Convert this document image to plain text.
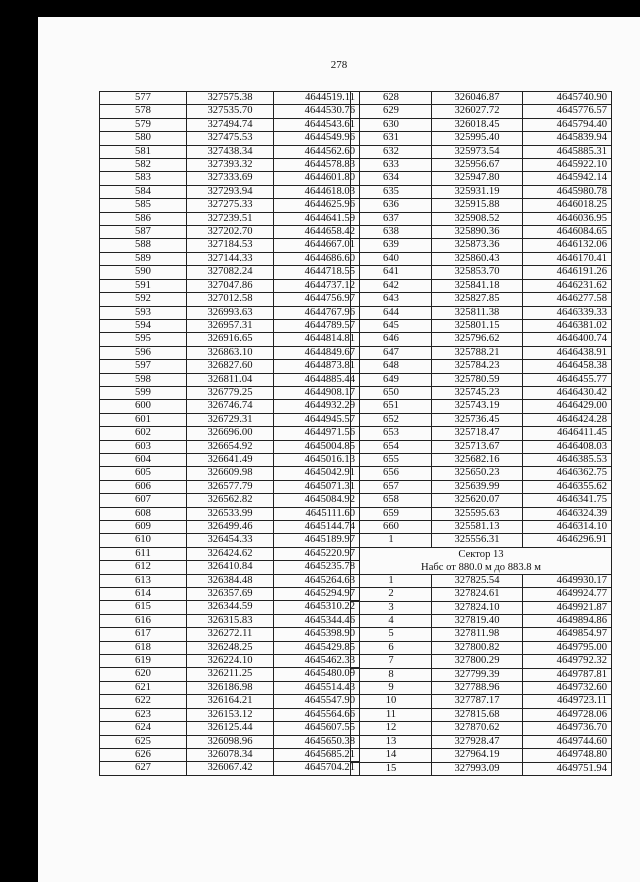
278
577	327575.38	4644519.11
578	327535.70	4644530.76
579	327494.74	4644543.61
580	327475.53	4644549.96
581	327438.34	4644562.60
582	327393.32	4644578.83
583	327333.69	4644601.80
584	327293.94	4644618.03
585	327275.33	4644625.96
586	327239.51	4644641.59
587	327202.70	4644658.42
588	327184.53	4644667.01
589	327144.33	4644686.60
590	327082.24	4644718.55
591	327047.86	4644737.12
592	327012.58	4644756.97
593	326993.63	4644767.96
594	326957.31	4644789.57
595	326916.65	4644814.81
596	326863.10	4644849.67
597	326827.60	4644873.81
598	326811.04	4644885.44
599	326779.25	4644908.17
600	326746.74	4644932.29
601	326729.31	4644945.57
602	326696.00	4644971.56
603	326654.92	4645004.85
604	326641.49	4645016.13
605	326609.98	4645042.91
606	326577.79	4645071.31
607	326562.82	4645084.92
608	326533.99	4645111.60
609	326499.46	4645144.74
610	326454.33	4645189.97
611	326424.62	4645220.97
612	326410.84	4645235.78
613	326384.48	4645264.63
614	326357.69	4645294.97
615	326344.59	4645310.22
616	326315.83	4645344.46
617	326272.11	4645398.90
618	326248.25	4645429.85
619	326224.10	4645462.33
620	326211.25	4645480.09
621	326186.98	4645514.43
622	326164.21	4645547.90
623	326153.12	4645564.66
624	326125.44	4645607.55
625	326098.96	4645650.38
626	326078.34	4645685.21
627	326067.42	4645704.21
628	326046.87	4645740.90
629	326027.72	4645776.57
630	326018.45	4645794.40
631	325995.40	4645839.94
632	325973.54	4645885.31
633	325956.67	4645922.10
634	325947.80	4645942.14
635	325931.19	4645980.78
636	325915.88	4646018.25
637	325908.52	4646036.95
638	325890.36	4646084.65
639	325873.36	4646132.06
640	325860.43	4646170.41
641	325853.70	4646191.26
642	325841.18	4646231.62
643	325827.85	4646277.58
644	325811.38	4646339.33
645	325801.15	4646381.02
646	325796.62	4646400.74
647	325788.21	4646438.91
648	325784.23	4646458.38
649	325780.59	4646455.77
650	325745.23	4646430.42
651	325743.19	4646429.00
652	325736.45	4646424.28
653	325718.47	4646411.45
654	325713.67	4646408.03
655	325682.16	4646385.53
656	325650.23	4646362.75
657	325639.99	4646355.62
658	325620.07	4646341.75
659	325595.63	4646324.39
660	325581.13	4646314.10
1	325556.31	4646296.91

Сектор 13
Набс от 880.0 м до 883.8 м		

1	327825.54	4649930.17
2	327824.61	4649924.77
3	327824.10	4649921.87
4	327819.40	4649894.86
5	327811.98	4649854.97
6	327800.82	4649795.00
7	327800.29	4649792.32
8	327799.39	4649787.81
9	327788.96	4649732.60
10	327787.17	4649723.11
11	327815.68	4649728.06
12	327870.62	4649736.70
13	327928.47	4649744.60
14	327964.19	4649748.80
15	327993.09	4649751.94
